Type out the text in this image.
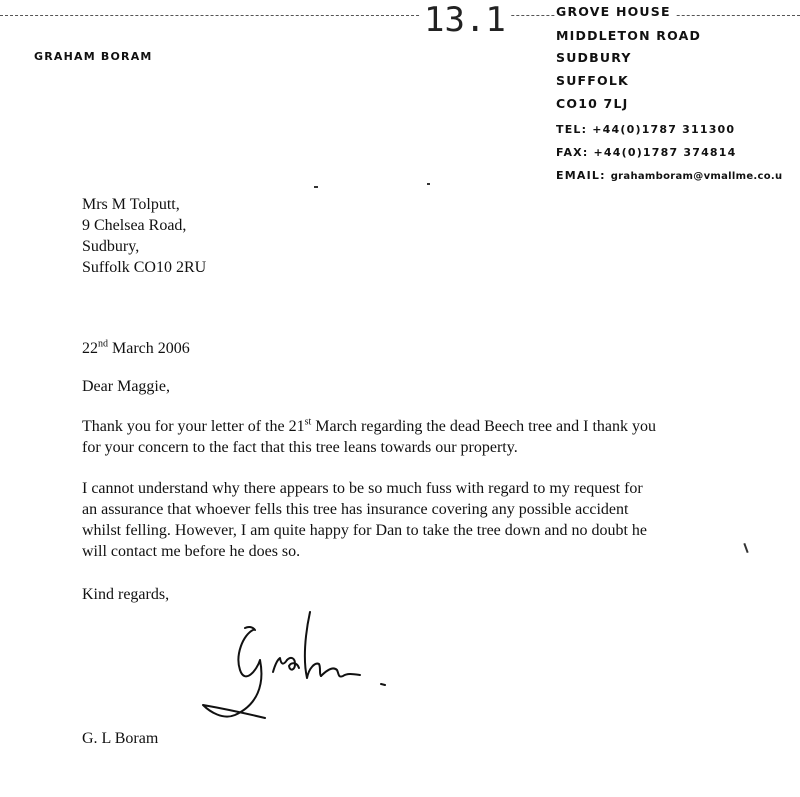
13.1
GRAHAM BORAM
GROVE HOUSE
MIDDLETON ROAD
SUDBURY
SUFFOLK
CO10 7LJ
TEL: +44(0)1787 311300
FAX: +44(0)1787 374814
EMAIL: grahamboram@vmallme.co.u
Mrs M Tolputt,
9 Chelsea Road,
Sudbury,
Suffolk CO10 2RU
22nd March 2006
Dear Maggie,
Thank you for your letter of the 21st March regarding the dead Beech tree and I thank you
for your concern to the fact that this tree leans towards our property.
I cannot understand why there appears to be so much fuss with regard to my request for
an assurance that whoever fells this tree has insurance covering any possible accident
whilst felling. However, I am quite happy for Dan to take the tree down and no doubt he
will contact me before he does so.
Kind regards,
G. L Boram
